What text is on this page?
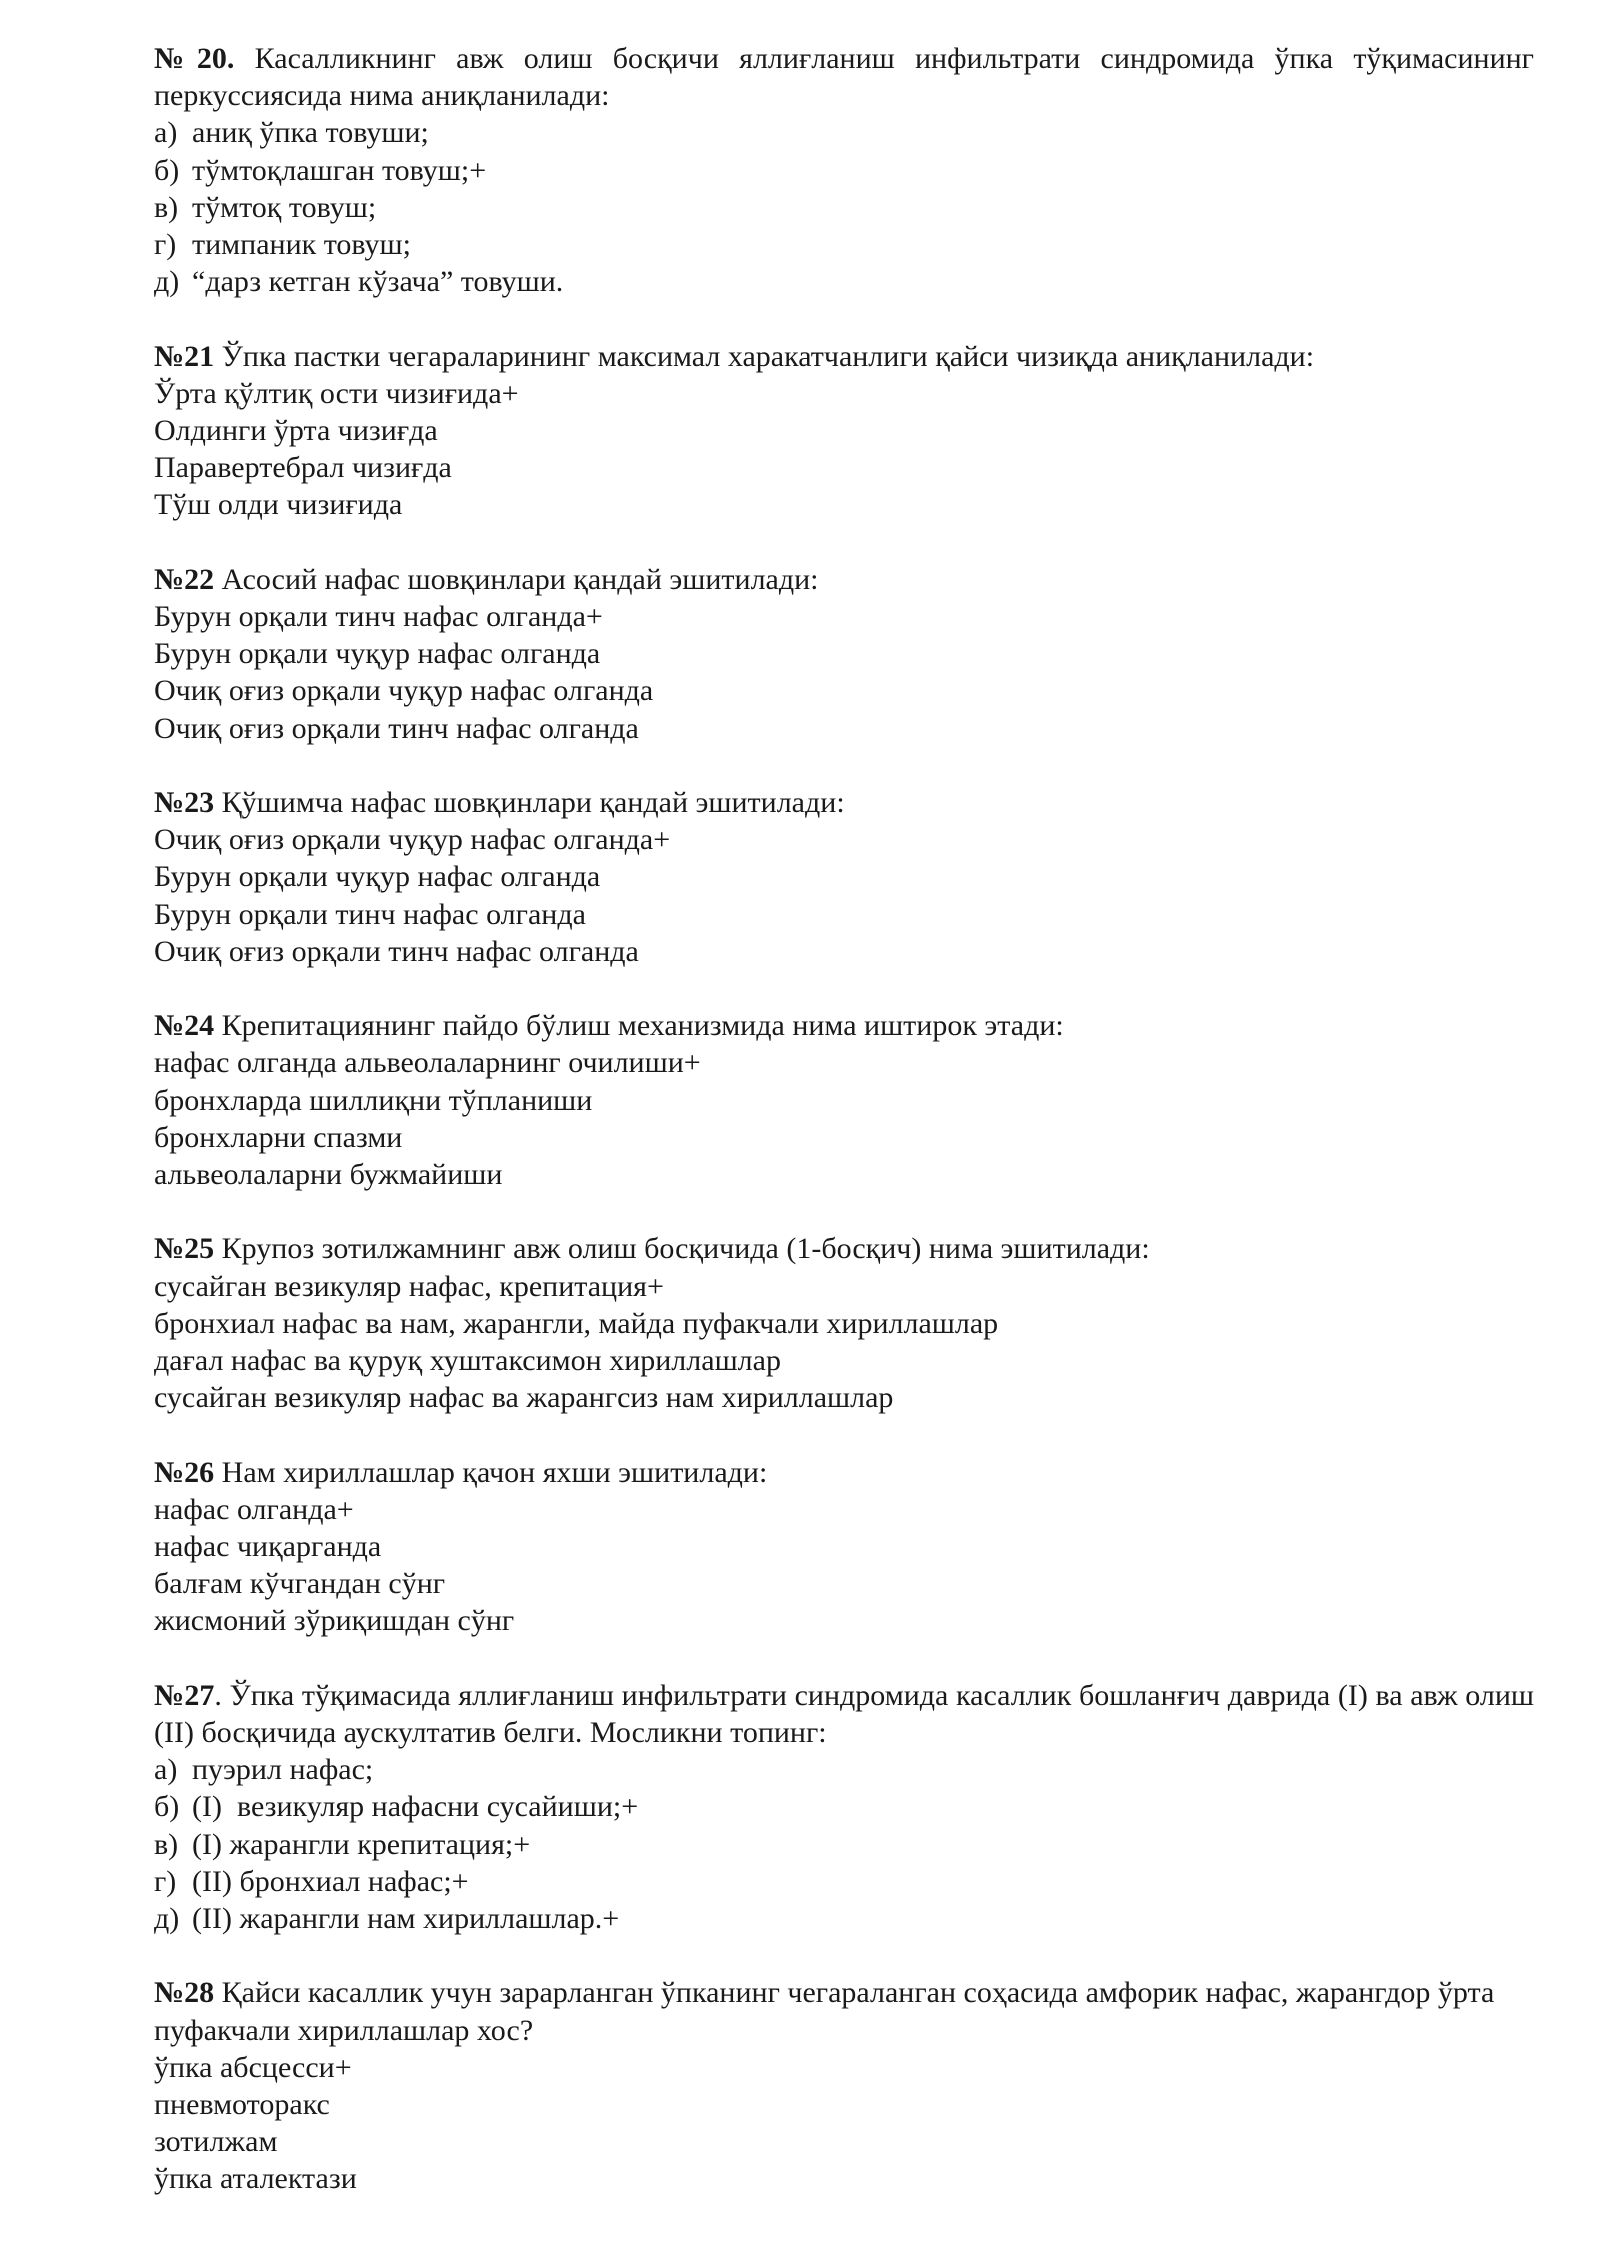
№20. Касалликнинг авж олиш босқичи яллиғланиш инфильтрати синдромида ўпка тўқимасининг перкуссиясида нима аниқланилади:
а) аниқ ўпка товуши;
б) тўмтоқлашган товуш;+
в) тўмтоқ товуш;
г) тимпаник товуш;
д) “дарз кетган кўзача” товуши.
№21 Ўпка пастки чегараларининг максимал харакатчанлиги қайси чизиқда аниқланилади:
Ўрта қўлтиқ ости чизиғида+
Олдинги ўрта чизиғда
Паравертебрал чизиғда
Тўш олди чизиғида
№22 Асосий нафас шовқинлари қандай эшитилади:
Бурун орқали тинч нафас олганда+
Бурун орқали чуқур нафас олганда
Очиқ оғиз орқали чуқур нафас олганда
Очиқ оғиз орқали тинч нафас олганда
№23 Қўшимча нафас шовқинлари қандай эшитилади:
Очиқ оғиз орқали чуқур нафас олганда+
Бурун орқали чуқур нафас олганда
Бурун орқали тинч нафас олганда
Очиқ оғиз орқали тинч нафас олганда
№24 Крепитациянинг пайдо бўлиш механизмида нима иштирок этади:
нафас олганда альвеолаларнинг очилиши+
бронхларда шиллиқни тўпланиши
бронхларни спазми
альвеолаларни бужмайиши
№25 Крупоз зотилжамнинг авж олиш босқичида (1-босқич) нима эшитилади:
сусайган везикуляр нафас, крепитация+
бронхиал нафас ва нам, жарангли, майда пуфакчали хириллашлар
дағал нафас ва қуруқ хуштаксимон хириллашлар
сусайган везикуляр нафас ва жарангсиз нам хириллашлар
№26 Нам хириллашлар қачон яхши эшитилади:
нафас олганда+
нафас чиқарганда
балғам кўчгандан сўнг
жисмоний зўриқишдан сўнг
№27. Ўпка тўқимасида яллиғланиш инфильтрати синдромида касаллик бошланғич даврида (I) ва авж олиш (II) босқичида аускултатив белги. Мосликни топинг:
а) пуэрил нафас;
б) (I)  везикуляр нафасни сусайиши;+
в) (I) жарангли крепитация;+
г) (II) бронхиал нафас;+
д) (II) жарангли нам хириллашлар.+
№28 Қайси касаллик учун зарарланган ўпканинг чегараланган соҳасида амфорик нафас, жарангдор ўрта пуфакчали хириллашлар хос?
ўпка абсцесси+
пневмоторакс
зотилжам
ўпка аталектази
